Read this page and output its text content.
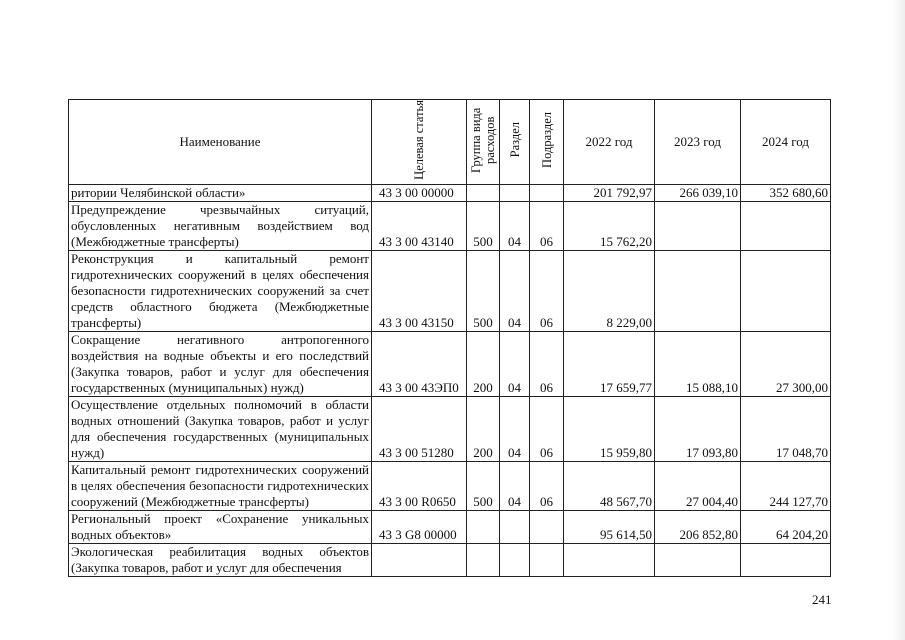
Наименование	Целевая статья	Группа вида расходов	Раздел	Подраздел	2022 год	2023 год	2024 год
ритории Челябинской области»	43 3 00 00000				201 792,97	266 039,10	352 680,60
Предупреждение чрезвычайных ситуаций, обусловленных негативным воздействием вод (Межбюджетные трансферты)	43 3 00 43140	500	04	06	15 762,20		
Реконструкция и капитальный ремонт гидротехнических сооружений в целях обеспечения безопасности гидротехнических сооружений за счет средств областного бюджета (Межбюджетные трансферты)	43 3 00 43150	500	04	06	8 229,00		
Сокращение негативного антропогенного воздействия на водные объекты и его последствий (Закупка товаров, работ и услуг для обеспечения государственных (муниципальных) нужд)	43 3 00 43ЭП0	200	04	06	17 659,77	15 088,10	27 300,00
Осуществление отдельных полномочий в области водных отношений (Закупка товаров, работ и услуг для обеспечения государственных (муниципальных нужд)	43 3 00 51280	200	04	06	15 959,80	17 093,80	17 048,70
Капитальный ремонт гидротехнических сооружений в целях обеспечения безопасности гидротехнических сооружений (Межбюджетные трансферты)	43 3 00 R0650	500	04	06	48 567,70	27 004,40	244 127,70
Региональный проект «Сохранение уникальных водных объектов»	43 3 G8 00000				95 614,50	206 852,80	64 204,20
Экологическая реабилитация водных объектов (Закупка товаров, работ и услуг для обеспечения							
241
